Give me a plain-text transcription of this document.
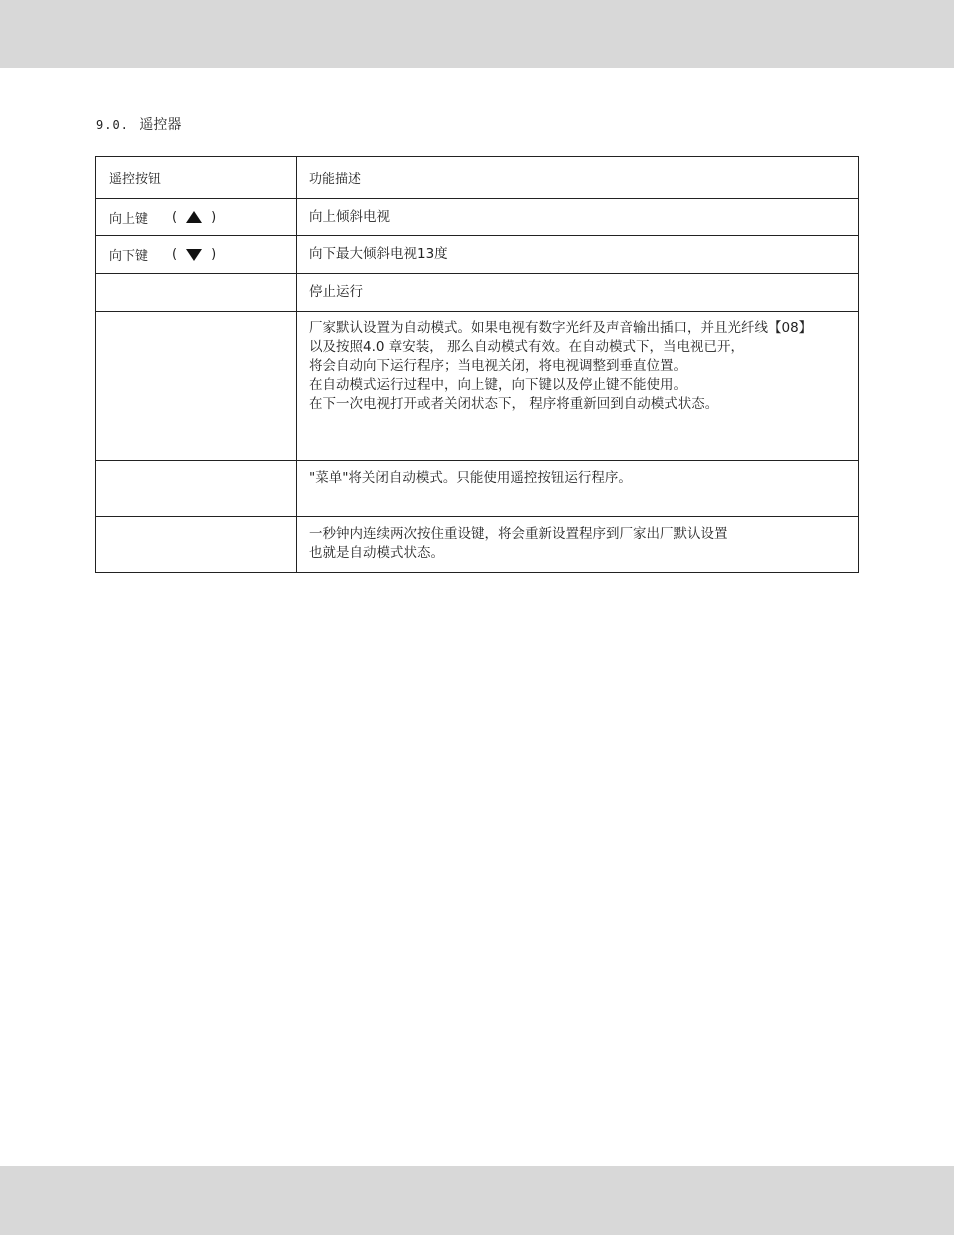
9.0. 遥控器
遥控按钮	功能描述

向上键 ( )	向上倾斜电视

向下键 ( )	向下最大倾斜电视13度

	停止运行

	厂家默认设置为自动模式。如果电视有数字光纤及声音输出插口，并且光纤线【08】
以及按照4.0 章安装， 那么自动模式有效。在自动模式下，当电视已开，
将会自动向下运行程序；当电视关闭，将电视调整到垂直位置。
在自动模式运行过程中，向上键，向下键以及停止键不能使用。
在下一次电视打开或者关闭状态下， 程序将重新回到自动模式状态。

	"菜单"将关闭自动模式。只能使用遥控按钮运行程序。

	一秒钟内连续两次按住重设键，将会重新设置程序到厂家出厂默认设置
也就是自动模式状态。
